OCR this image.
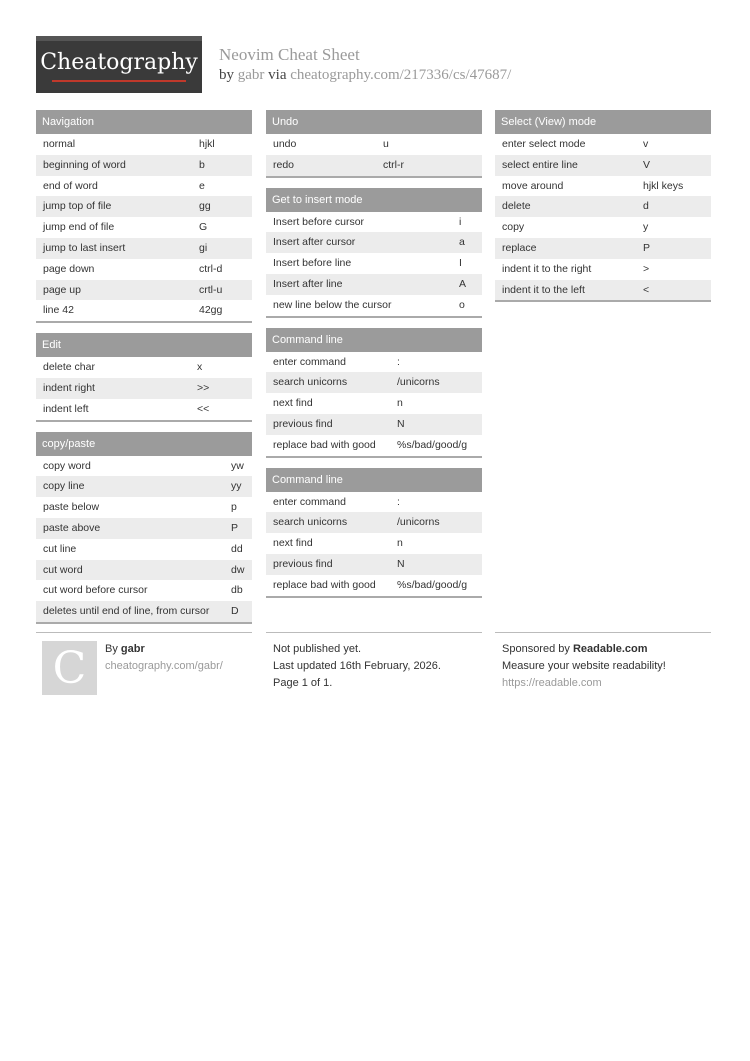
Cheatography Neovim Cheat Sheet
by gabr via cheatography.com/217336/cs/47687/
Navigation
normal	hjkl
beginning of word	b
end of word	e
jump top of file	gg
jump end of file	G
jump to last insert	gi
page down	ctrl-d
page up	crtl-u
line 42	42gg
Edit
delete char	x
indent right	>>
indent left	<<
copy/paste
copy word	yw
copy line	yy
paste below	p
paste above	P
cut line	dd
cut word	dw
cut word before cursor	db
deletes until end of line, from cursor	D
Undo
undo	u
redo	ctrl-r
Get to insert mode
Insert before cursor	i
Insert after cursor	a
Insert before line	I
Insert after line	A
new line below the cursor	o
Command line
enter command	:
search unicorns	/unicorns
next find	n
previous find	N
replace bad with good	%s/bad/good/g
Command line
enter command	:
search unicorns	/unicorns
next find	n
previous find	N
replace bad with good	%s/bad/good/g
Select (View) mode
enter select mode	v
select entire line	V
move around	hjkl keys
delete	d
copy	y
replace	P
indent it to the right	>
indent it to the left	<
C	By gabr
cheatography.com/gabr/
Not published yet.
Last updated 16th February, 2026.
Page 1 of 1.
Sponsored by Readable.com
Measure your website readability!
https://readable.com
